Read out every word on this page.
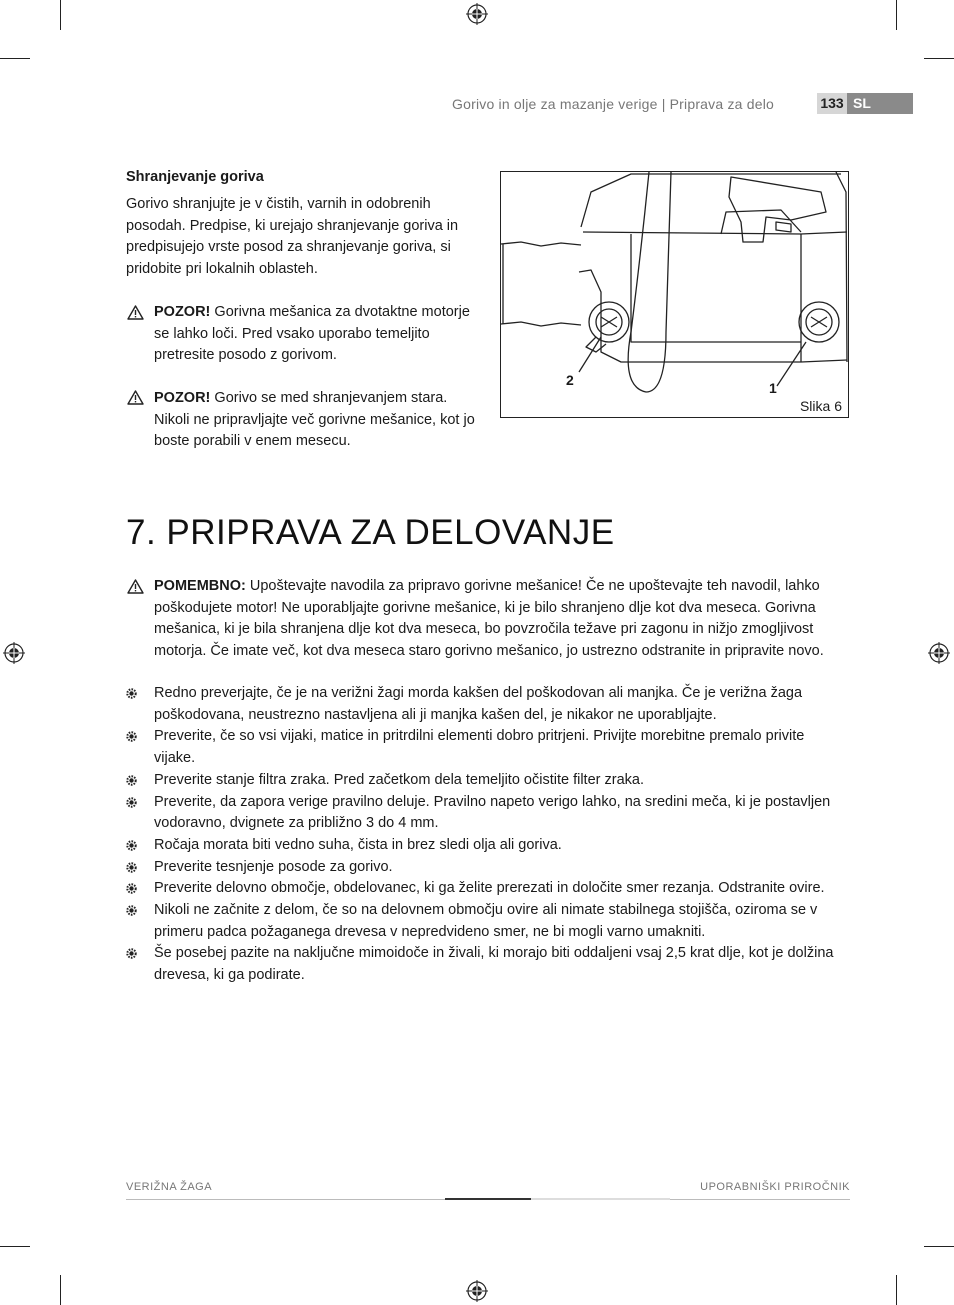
Gorivo in olje za mazanje verige | Priprava za delo	133 SL
Shranjevanje goriva
Gorivo shranjujte je v čistih, varnih in odobrenih posodah. Predpise, ki urejajo shranjevanje goriva in predpisujejo vrste posod za shranjevanje goriva, si pridobite pri lokalnih oblasteh.
POZOR! Gorivna mešanica za dvotaktne motorje se lahko loči. Pred vsako uporabo temeljito pretresite posodo z gorivom.
POZOR! Gorivo se med shranjevanjem stara. Nikoli ne pripravljajte več gorivne mešanice, kot jo boste porabili v enem mesecu.
2	1
Slika 6
7. PRIPRAVA ZA DELOVANJE
POMEMBNO: Upoštevajte navodila za pripravo gorivne mešanice! Če ne upoštevajte teh navodil, lahko poškodujete motor! Ne uporabljajte gorivne mešanice, ki je bilo shranjeno dlje kot dva meseca. Gorivna mešanica, ki je bila shranjena dlje kot dva meseca, bo povzročila težave pri zagonu in nižjo zmogljivost motorja. Če imate več, kot dva meseca staro gorivno mešanico, jo ustrezno odstranite in pripravite novo.
Redno preverjajte, če je na verižni žagi morda kakšen del poškodovan ali manjka. Če je verižna žaga poškodovana, neustrezno nastavljena ali ji manjka kašen del, je nikakor ne uporabljajte.
Preverite, če so vsi vijaki, matice in pritrdilni elementi dobro pritrjeni. Privijte morebitne premalo privite vijake.
Preverite stanje filtra zraka. Pred začetkom dela temeljito očistite filter zraka.
Preverite, da zapora verige pravilno deluje. Pravilno napeto verigo lahko, na sredini meča, ki je postavljen vodoravno, dvignete za približno 3 do 4 mm.
Ročaja morata biti vedno suha, čista in brez sledi olja ali goriva.
Preverite tesnjenje posode za gorivo.
Preverite delovno območje, obdelovanec, ki ga želite prerezati in določite smer rezanja. Odstranite ovire.
Nikoli ne začnite z delom, če so na delovnem območju ovire ali nimate stabilnega stojišča, oziroma se v primeru padca požaganega drevesa v nepredvideno smer, ne bi mogli varno umakniti.
Še posebej pazite na naključne mimoidoče in živali, ki morajo biti oddaljeni vsaj 2,5 krat dlje, kot je dolžina drevesa, ki ga podirate.
VERIŽNA ŽAGA	UPORABNIŠKI PRIROČNIK
